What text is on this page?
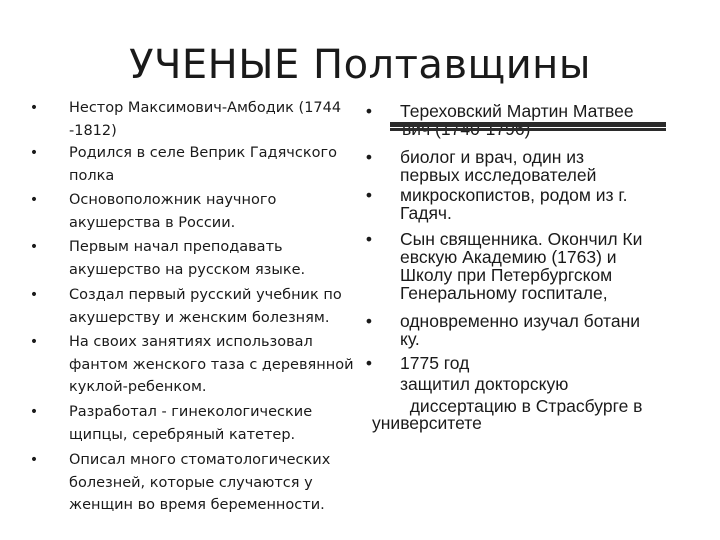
УЧЕНЫЕ Полтавщины
• Нестор Максимович-Амбодик (1744 -1812)
• Родился в селе Веприк Гадячского полка
• Основоположник научного акушерства в России.
• Первым начал преподавать акушерство на русском языке.
• Создал первый русский учебник по акушерству и женским болезням.
• На своих занятиях использовал фантом женского таза с деревянной куклой-ребенком.
• Разработал - гинекологические щипцы, серебряный катетер.
• Описал много стоматологических болезней, которые случаются у женщин во время беременности.
• Тереховский Мартин Матвее
• биолог и врач, один из
первых исследователей
• микроскопистов, родом из г.
Гадяч.
• Сын священника. Окончил Ки
евскую Академию (1763) и
Школу при Петербургском
Генеральному госпитале,
• одновременно изучал ботани
ку.
• 1775 год
защитил докторскую
диссертацию в Страсбурге в
университете
